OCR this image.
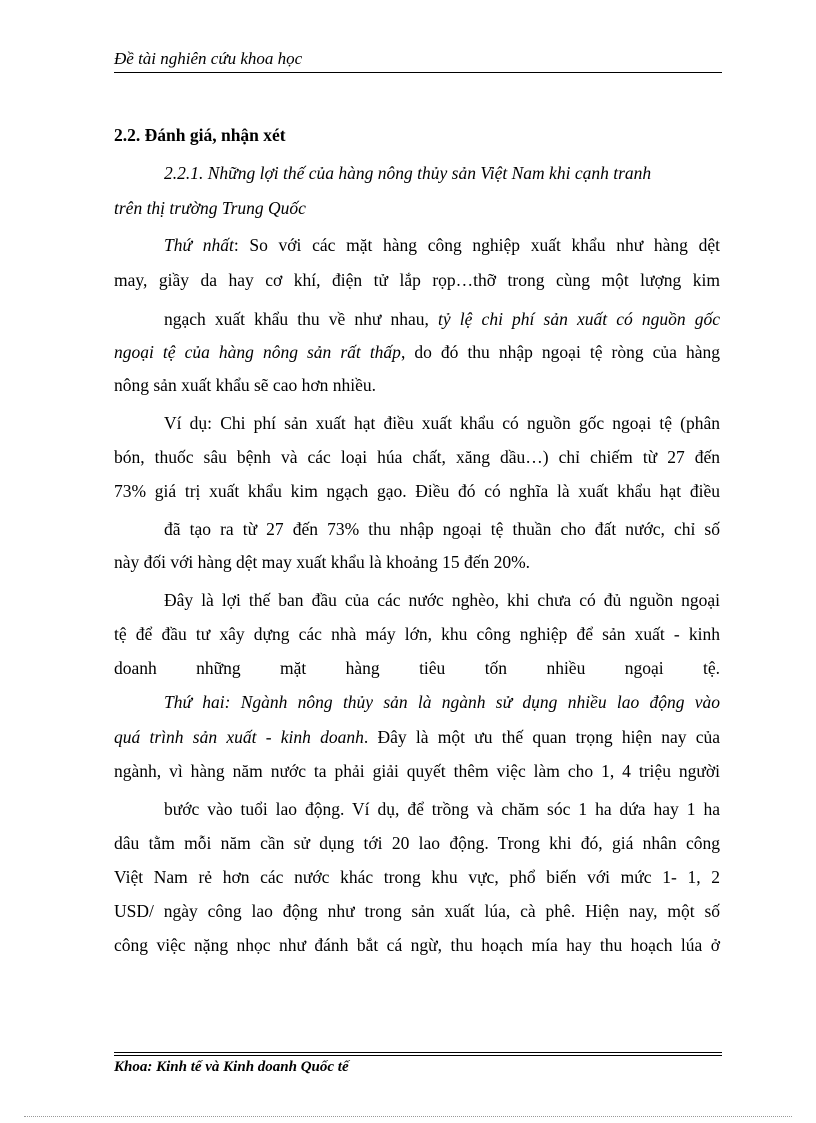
Đề tài nghiên cứu khoa học
2.2. Đánh giá, nhận xét
2.2.1. Những lợi thế của hàng nông thủy sản Việt Nam khi cạnh tranh
trên thị trường Trung Quốc
Thứ nhất: So với các mặt hàng công nghiệp xuất khẩu như hàng dệt
may, giầy da hay cơ khí, điện tử lắp rọp…thỡ trong cùng một lượng kim
ngạch xuất khẩu thu về như nhau, tỷ lệ chi phí sản xuất có nguồn gốc
ngoại tệ của hàng nông sản rất thấp, do đó thu nhập ngoại tệ ròng của hàng
nông sản xuất khẩu sẽ cao hơn nhiều.
Ví dụ: Chi phí sản xuất hạt điều xuất khẩu có nguồn gốc ngoại tệ (phân
bón, thuốc sâu bệnh và các loại húa chất, xăng dầu…) chỉ chiếm từ 27 đến
73% giá trị xuất khẩu kim ngạch gạo. Điều đó có nghĩa là xuất khẩu hạt điều
đã tạo ra từ 27 đến 73% thu nhập ngoại tệ thuần cho đất nước, chỉ số
này đối với hàng dệt may xuất khẩu là khoảng 15 đến 20%.
Đây là lợi thế ban đầu của các nước nghèo, khi chưa có đủ nguồn ngoại
tệ để đầu tư xây dựng các nhà máy lớn, khu công nghiệp để sản xuất - kinh
doanh những mặt hàng tiêu tốn nhiều ngoại tệ.
Thứ hai: Ngành nông thủy sản là ngành sử dụng nhiều lao động vào
quá trình sản xuất - kinh doanh. Đây là một ưu thế quan trọng hiện nay của
ngành, vì hàng năm nước ta phải giải quyết thêm việc làm cho 1, 4 triệu người
bước vào tuổi lao động. Ví dụ, để trồng và chăm sóc 1 ha dứa hay 1 ha
dâu tằm mỗi năm cần sử dụng tới 20 lao động. Trong khi đó, giá nhân công
Việt Nam rẻ hơn các nước khác trong khu vực, phổ biến với mức 1- 1, 2
USD/ ngày công lao động như trong sản xuất lúa, cà phê. Hiện nay, một số
công việc nặng nhọc như đánh bắt cá ngừ, thu hoạch mía hay thu hoạch lúa ở
Khoa: Kinh tế và Kinh doanh Quốc tế
